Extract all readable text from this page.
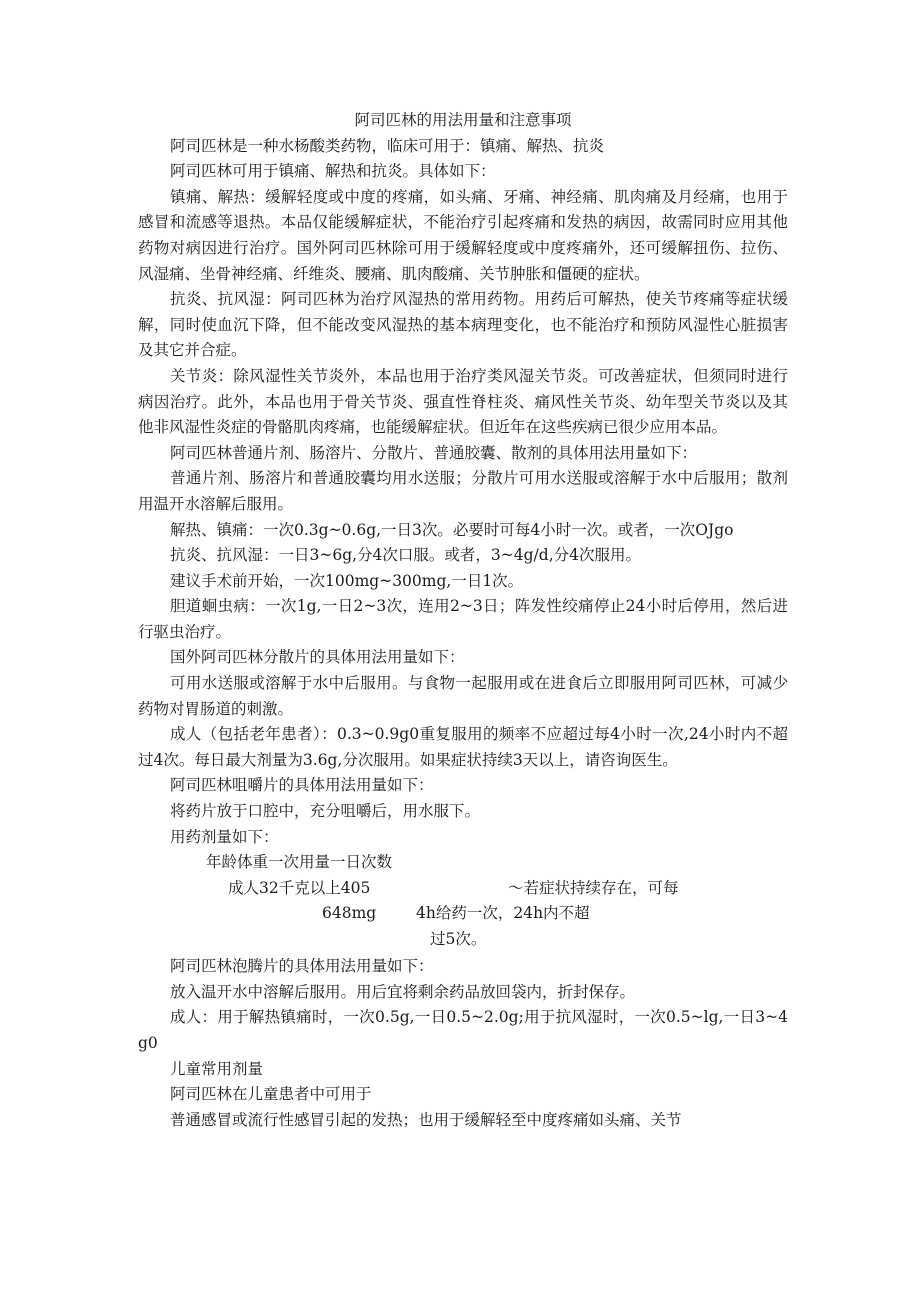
阿司匹林的用法用量和注意事项

阿司匹林是一种水杨酸类药物，临床可用于：镇痛、解热、抗炎

阿司匹林可用于镇痛、解热和抗炎。具体如下：

镇痛、解热：缓解轻度或中度的疼痛，如头痛、牙痛、神经痛、肌肉痛及月经痛，也用于感冒和流感等退热。本品仅能缓解症状，不能治疗引起疼痛和发热的病因，故需同时应用其他药物对病因进行治疗。国外阿司匹林除可用于缓解轻度或中度疼痛外，还可缓解扭伤、拉伤、风湿痛、坐骨神经痛、纤维炎、腰痛、肌肉酸痛、关节肿胀和僵硬的症状。

抗炎、抗风湿：阿司匹林为治疗风湿热的常用药物。用药后可解热，使关节疼痛等症状缓解，同时使血沉下降，但不能改变风湿热的基本病理变化，也不能治疗和预防风湿性心脏损害及其它并合症。

关节炎：除风湿性关节炎外，本品也用于治疗类风湿关节炎。可改善症状，但须同时进行病因治疗。此外，本品也用于骨关节炎、强直性脊柱炎、痛风性关节炎、幼年型关节炎以及其他非风湿性炎症的骨骼肌肉疼痛，也能缓解症状。但近年在这些疾病已很少应用本品。

阿司匹林普通片剂、肠溶片、分散片、普通胶囊、散剂的具体用法用量如下：

普通片剂、肠溶片和普通胶囊均用水送服；分散片可用水送服或溶解于水中后服用；散剂用温开水溶解后服用。

解热、镇痛：一次0.3g~0.6g,一日3次。必要时可每4小时一次。或者，一次OJgo

抗炎、抗风湿：一日3~6g,分4次口服。或者，3~4g/d,分4次服用。

建议手术前开始，一次100mg~300mg,一日1次。

胆道蛔虫病：一次1g,一日2~3次，连用2~3日；阵发性绞痛停止24小时后停用，然后进行驱虫治疗。

国外阿司匹林分散片的具体用法用量如下：

可用水送服或溶解于水中后服用。与食物一起服用或在进食后立即服用阿司匹林，可减少药物对胃肠道的刺激。

成人（包括老年患者）：0.3~0.9g0重复服用的频率不应超过每4小时一次,24小时内不超过4次。每日最大剂量为3.6g,分次服用。如果症状持续3天以上，请咨询医生。

阿司匹林咀嚼片的具体用法用量如下：

将药片放于口腔中，充分咀嚼后，用水服下。

用药剂量如下：

年龄体重一次用量一日次数
成人32千克以上405	～若症状持续存在，可每
648mg	4h给药一次，24h内不超
过5次。

阿司匹林泡腾片的具体用法用量如下：

放入温开水中溶解后服用。用后宜将剩余药品放回袋内，折封保存。

成人：用于解热镇痛时，一次0.5g,一日0.5~2.0g;用于抗风湿时，一次0.5~lg,一日3~4g0

儿童常用剂量

阿司匹林在儿童患者中可用于

普通感冒或流行性感冒引起的发热；也用于缓解轻至中度疼痛如头痛、关节
